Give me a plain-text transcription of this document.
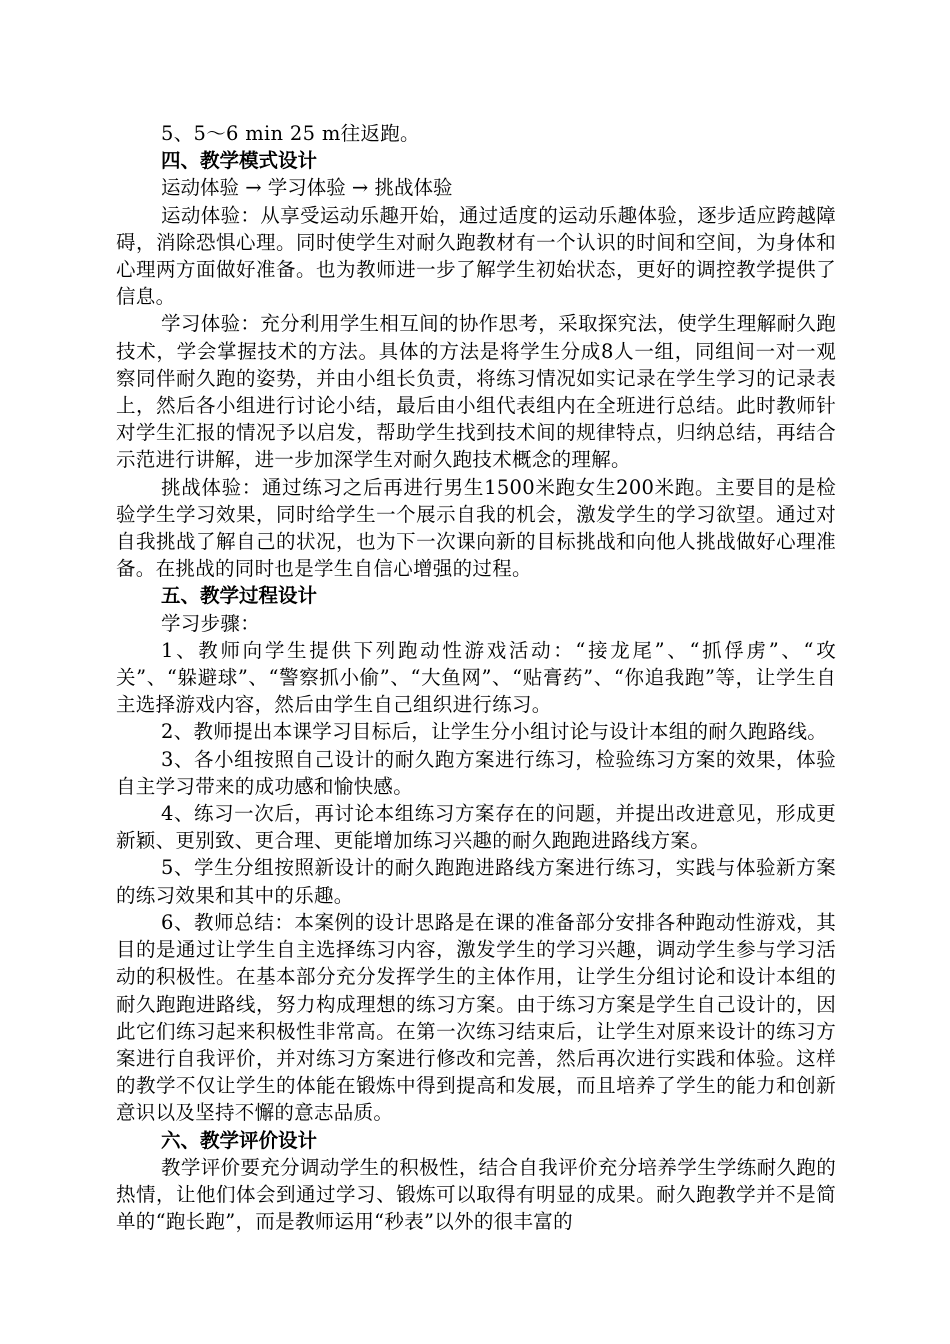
5、5～6 min 25 m往返跑。

四、教学模式设计

运动体验 → 学习体验 → 挑战体验

运动体验：从享受运动乐趣开始，通过适度的运动乐趣体验，逐步适应跨越障碍，消除恐惧心理。同时使学生对耐久跑教材有一个认识的时间和空间，为身体和心理两方面做好准备。也为教师进一步了解学生初始状态，更好的调控教学提供了信息。

学习体验：充分利用学生相互间的协作思考，采取探究法，使学生理解耐久跑技术，学会掌握技术的方法。具体的方法是将学生分成8人一组，同组间一对一观察同伴耐久跑的姿势，并由小组长负责，将练习情况如实记录在学生学习的记录表上，然后各小组进行讨论小结，最后由小组代表组内在全班进行总结。此时教师针对学生汇报的情况予以启发，帮助学生找到技术间的规律特点，归纳总结，再结合示范进行讲解，进一步加深学生对耐久跑技术概念的理解。

挑战体验：通过练习之后再进行男生1500米跑女生200米跑。主要目的是检验学生学习效果，同时给学生一个展示自我的机会，激发学生的学习欲望。通过对自我挑战了解自己的状况，也为下一次课向新的目标挑战和向他人挑战做好心理准备。在挑战的同时也是学生自信心增强的过程。

五、教学过程设计

学习步骤：

1、教师向学生提供下列跑动性游戏活动：“接龙尾”、“抓俘虏”、“攻关”、“躲避球”、“警察抓小偷”、“大鱼网”、“贴膏药”、“你追我跑”等，让学生自主选择游戏内容，然后由学生自己组织进行练习。

2、教师提出本课学习目标后，让学生分小组讨论与设计本组的耐久跑路线。

3、各小组按照自己设计的耐久跑方案进行练习，检验练习方案的效果，体验自主学习带来的成功感和愉快感。

4、练习一次后，再讨论本组练习方案存在的问题，并提出改进意见，形成更新颖、更别致、更合理、更能增加练习兴趣的耐久跑跑进路线方案。

5、学生分组按照新设计的耐久跑跑进路线方案进行练习，实践与体验新方案的练习效果和其中的乐趣。

6、教师总结：本案例的设计思路是在课的准备部分安排各种跑动性游戏，其目的是通过让学生自主选择练习内容，激发学生的学习兴趣，调动学生参与学习活动的积极性。在基本部分充分发挥学生的主体作用，让学生分组讨论和设计本组的耐久跑跑进路线，努力构成理想的练习方案。由于练习方案是学生自己设计的，因此它们练习起来积极性非常高。在第一次练习结束后，让学生对原来设计的练习方案进行自我评价，并对练习方案进行修改和完善，然后再次进行实践和体验。这样的教学不仅让学生的体能在锻炼中得到提高和发展，而且培养了学生的能力和创新意识以及坚持不懈的意志品质。

六、教学评价设计

教学评价要充分调动学生的积极性，结合自我评价充分培养学生学练耐久跑的热情，让他们体会到通过学习、锻炼可以取得有明显的成果。耐久跑教学并不是简单的“跑长跑”，而是教师运用“秒表”以外的很丰富的
